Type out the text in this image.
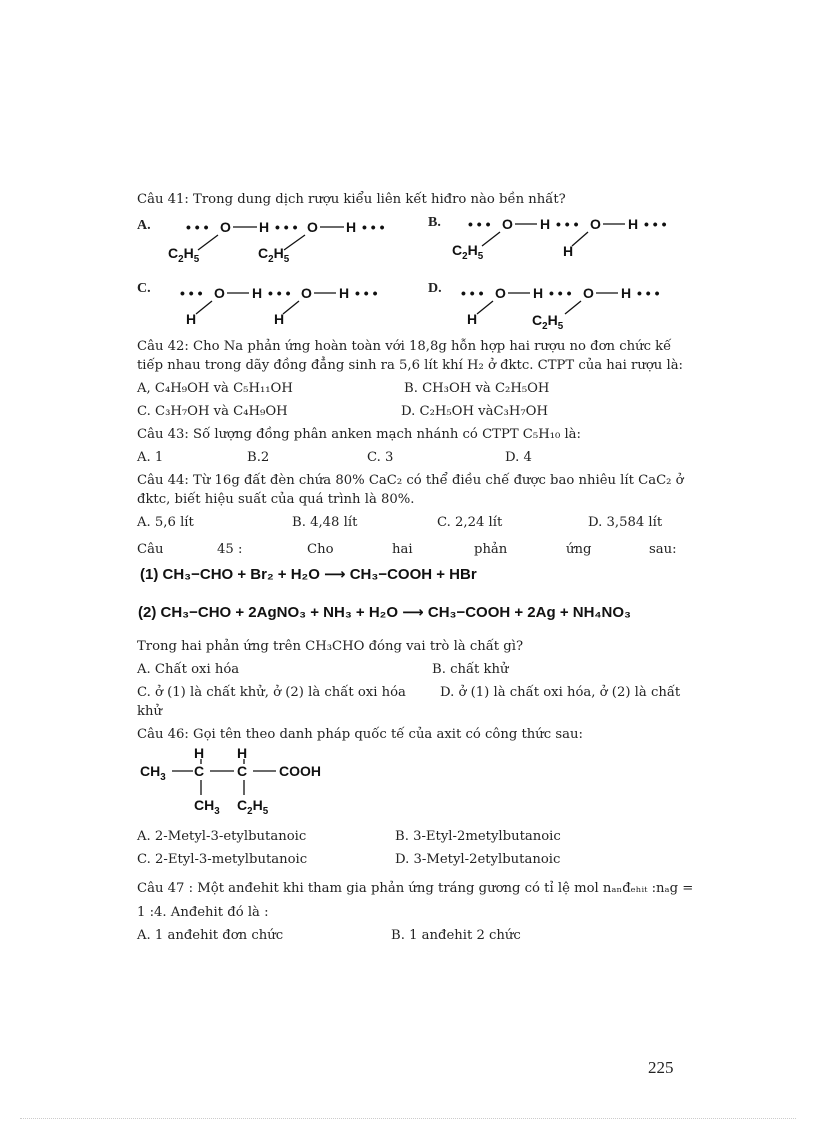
Câu 41: Trong dung dịch rượu kiểu liên kết hiđro nào bền nhất?
A.	• • • O H • • • O H • • •
$C_2H_5$	$C_2H_5$
B. • • • O H • • • O H • • •
H
$C_2H_5$
C. • • • O H • • • O H • • •
H	H
D. • • • O H • • • O H • • •
H	$C_2H_5$
Câu 42: Cho Na phản ứng hoàn toàn với 18,8g hỗn hợp hai rượu no đơn chức kế
tiếp nhau trong dãy đồng đẳng sinh ra 5,6 lít khí H₂ ở đktc. CTPT của hai rượu là:
A, C₄H₉OH và C₅H₁₁OH	B. CH₃OH và C₂H₅OH
C. C₃H₇OH và C₄H₉OH	D. C₂H₅OH vàC₃H₇OH
Câu 43: Số lượng đồng phân anken mạch nhánh có CTPT C₅H₁₀ là:
A. 1	B.2	C. 3	D. 4
Câu 44: Từ 16g đất đèn chứa 80% CaC₂ có thể điều chế được bao nhiêu lít CaC₂ ở
đktc, biết hiệu suất của quá trình là 80%.
A. 5,6 lít	B. 4,48 lít	C. 2,24 lít	D. 3,584 lít
Câu	45 :	Cho	hai	phản	ứng	sau:
(1) CH₃−CHO + Br₂ + H₂O ⟶ CH₃−COOH + HBr
(2) CH₃−CHO + 2AgNO₃ + NH₃ + H₂O ⟶ CH₃−COOH + 2Ag + NH₄NO₃
Trong hai phản ứng trên CH₃CHO đóng vai trò là chất gì?
A. Chất oxi hóa	B. chất khử
C. ở (1) là chất khử, ở (2) là chất oxi hóa	D. ở (1) là chất oxi hóa, ở (2) là chất
khử
Câu 46: Gọi tên theo danh pháp quốc tế của axit có công thức sau:
H H
$CH_3$ C C COOH
$CH_3$ $C_2H_5$
A. 2-Metyl-3-etylbutanoic	B. 3-Etyl-2metylbutanoic
C. 2-Etyl-3-metylbutanoic	D. 3-Metyl-2etylbutanoic
Câu 47 : Một anđehit khi tham gia phản ứng tráng gương có tỉ lệ mol nₐₙđₑₕᵢₜ :nₐg =
1 :4. Anđehit đó là :
A. 1 anđehit đơn chức	B. 1 anđehit 2 chức
225
